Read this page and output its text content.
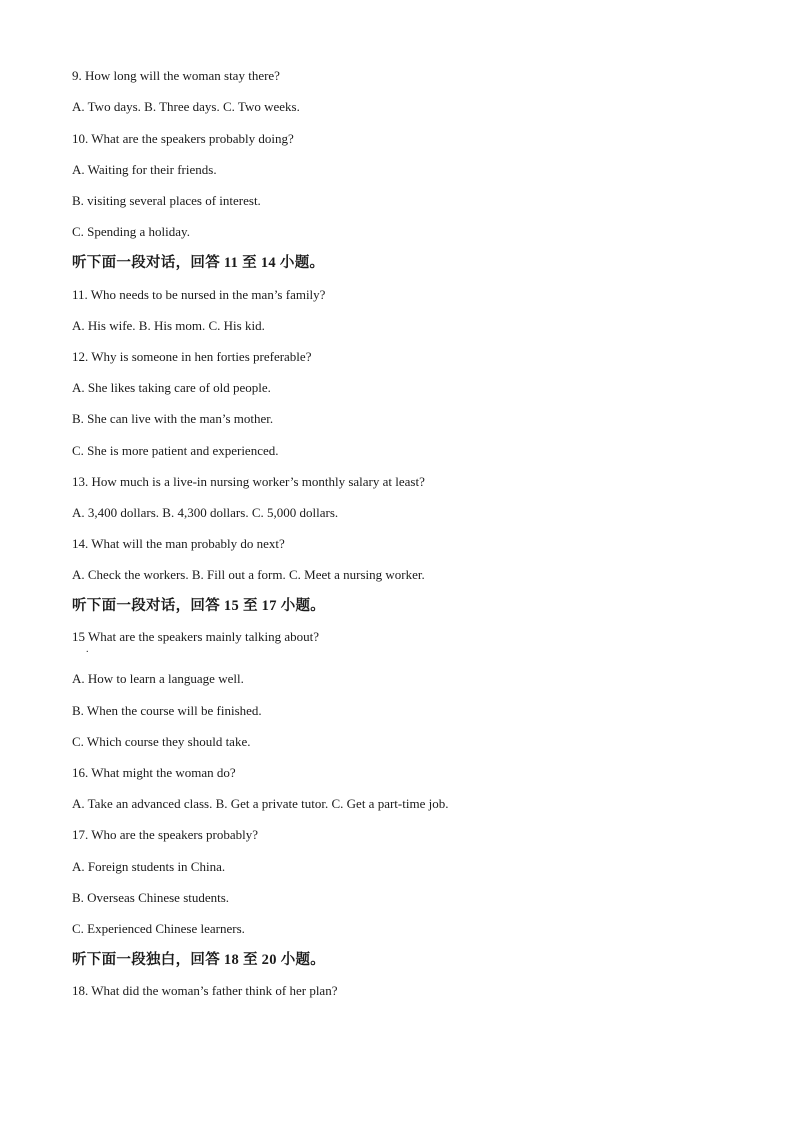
9. How long will the woman stay there?
A. Two days. B. Three days. C. Two weeks.
10. What are the speakers probably doing?
A. Waiting for their friends.
B. visiting several places of interest.
C. Spending a holiday.
听下面一段对话，回答 11 至 14 小题。
11. Who needs to be nursed in the man’s family?
A. His wife. B. His mom. C. His kid.
12. Why is someone in hen forties preferable?
A. She likes taking care of old people.
B. She can live with the man’s mother.
C. She is more patient and experienced.
13. How much is a live-in nursing worker’s monthly salary at least?
A. 3,400 dollars. B. 4,300 dollars. C. 5,000 dollars.
14. What will the man probably do next?
A. Check the workers. B. Fill out a form. C. Meet a nursing worker.
听下面一段对话，回答 15 至 17 小题。
15 What are the speakers mainly talking about?
.
A. How to learn a language well.
B. When the course will be finished.
C. Which course they should take.
16. What might the woman do?
A. Take an advanced class. B. Get a private tutor. C. Get a part-time job.
17. Who are the speakers probably?
A. Foreign students in China.
B. Overseas Chinese students.
C. Experienced Chinese learners.
听下面一段独白，回答 18 至 20 小题。
18. What did the woman’s father think of her plan?
